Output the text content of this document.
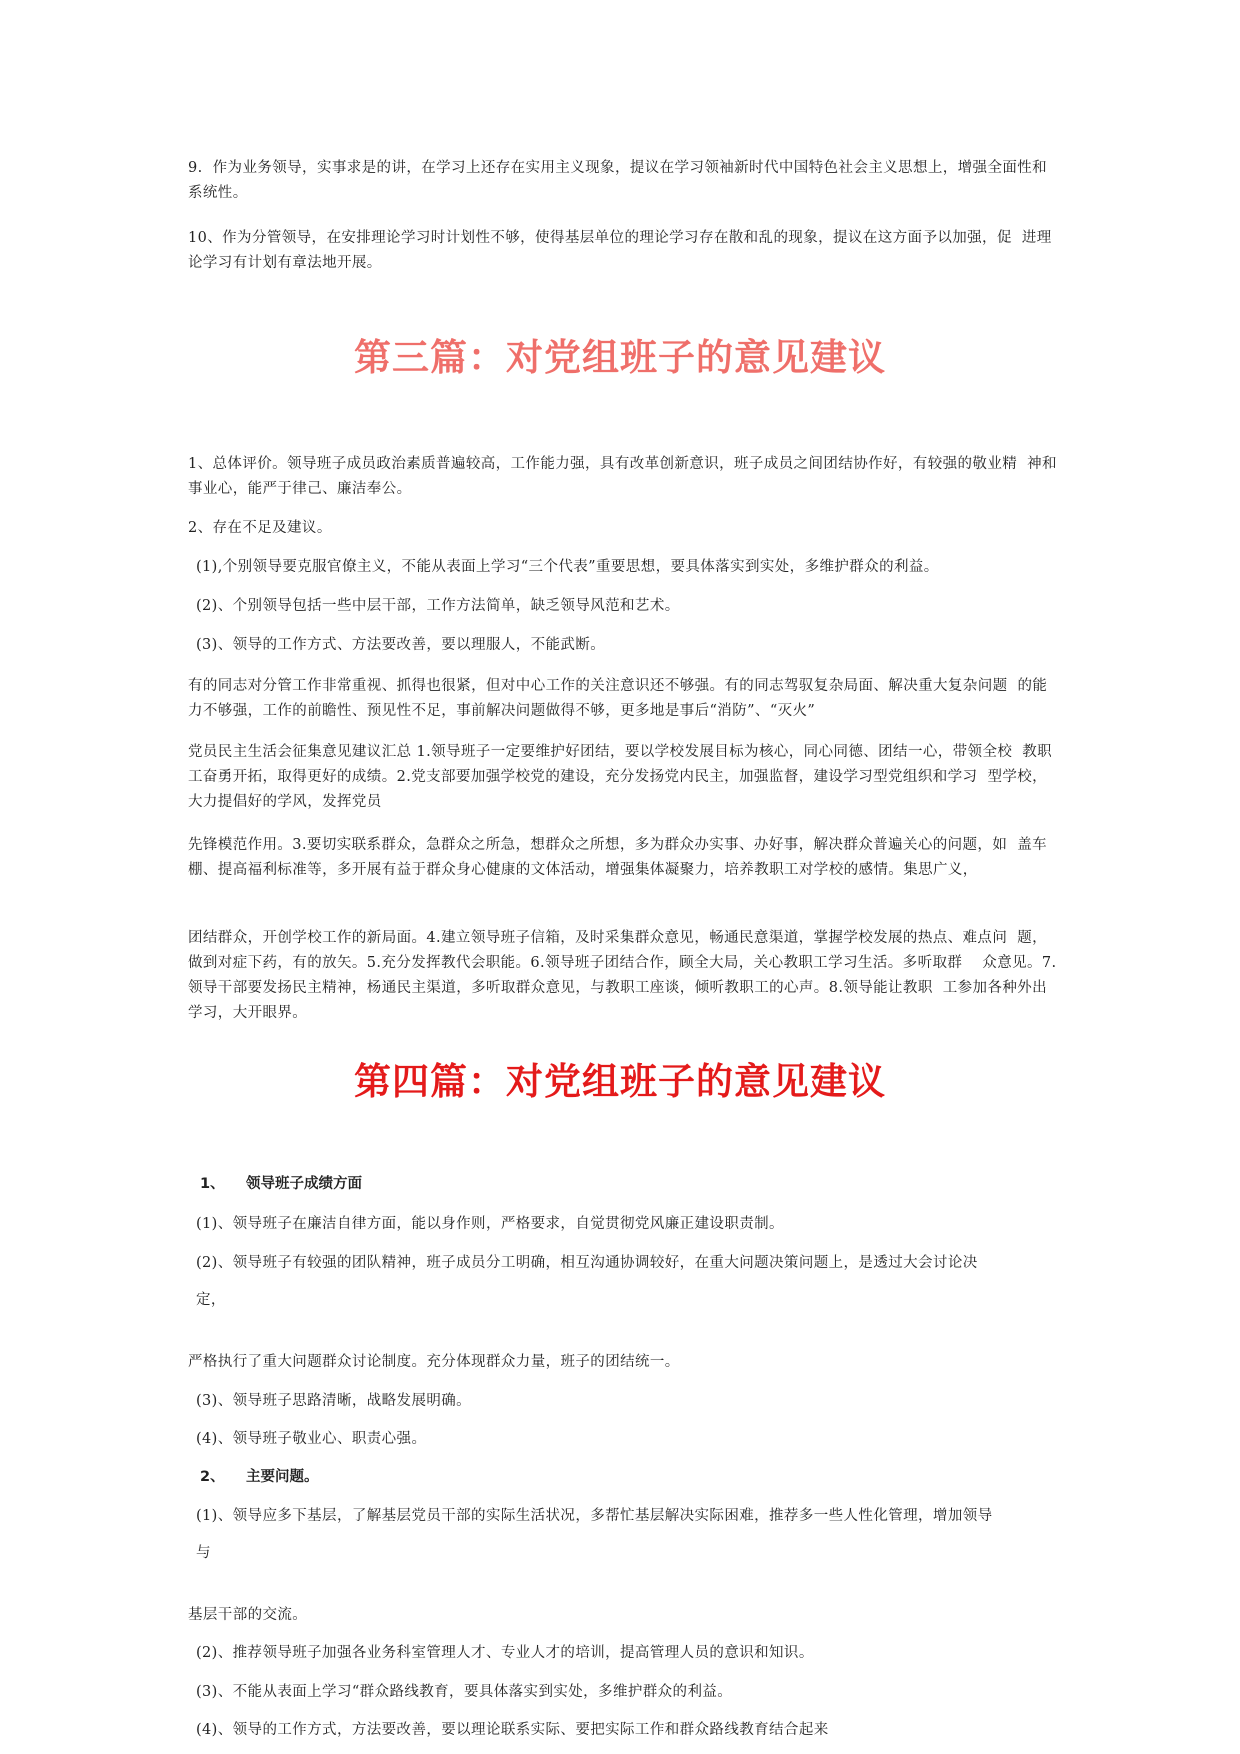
9.  作为业务领导，实事求是的讲，在学习上还存在实用主义现象，提议在学习领袖新时代中国特色社会主义思想上，增强全面性和系统性。

10、作为分管领导，在安排理论学习时计划性不够，使得基层单位的理论学习存在散和乱的现象，提议在这方面予以加强，促  进理论学习有计划有章法地开展。

第三篇：对党组班子的意见建议

1、总体评价。领导班子成员政治素质普遍较高，工作能力强，具有改革创新意识，班子成员之间团结协作好，有较强的敬业精  神和事业心，能严于律己、廉洁奉公。

2、存在不足及建议。

(1),个别领导要克服官僚主义，不能从表面上学习“三个代表”重要思想，要具体落实到实处，多维护群众的利益。

(2)、个别领导包括一些中层干部，工作方法简单，缺乏领导风范和艺术。

(3)、领导的工作方式、方法要改善，要以理服人，不能武断。

有的同志对分管工作非常重视、抓得也很紧，但对中心工作的关注意识还不够强。有的同志驾驭复杂局面、解决重大复杂问题  的能力不够强，工作的前瞻性、预见性不足，事前解决问题做得不够，更多地是事后“消防”、“灭火”

党员民主生活会征集意见建议汇总 1.领导班子一定要维护好团结，要以学校发展目标为核心，同心同德、团结一心，带领全校  教职工奋勇开拓，取得更好的成绩。2.党支部要加强学校党的建设，充分发扬党内民主，加强监督，建设学习型党组织和学习  型学校，大力提倡好的学风，发挥党员

先锋模范作用。3.要切实联系群众，急群众之所急，想群众之所想，多为群众办实事、办好事，解决群众普遍关心的问题，如  盖车棚、提高福利标准等，多开展有益于群众身心健康的文体活动，增强集体凝聚力，培养教职工对学校的感情。集思广义，

团结群众，开创学校工作的新局面。4.建立领导班子信箱，及时采集群众意见，畅通民意渠道，掌握学校发展的热点、难点问  题，做到对症下药，有的放矢。5.充分发挥教代会职能。6.领导班子团结合作，顾全大局，关心教职工学习生活。多听取群    众意见。7.领导干部要发扬民主精神，杨通民主渠道，多听取群众意见，与教职工座谈，倾听教职工的心声。8.领导能让教职  工参加各种外出学习，大开眼界。

第四篇：对党组班子的意见建议

1、 领导班子成绩方面

(1)、领导班子在廉洁自律方面，能以身作则，严格要求，自觉贯彻党风廉正建设职责制。

(2)、领导班子有较强的团队精神，班子成员分工明确，相互沟通协调较好，在重大问题决策问题上，是透过大会讨论决

定，

严格执行了重大问题群众讨论制度。充分体现群众力量，班子的团结统一。

(3)、领导班子思路清晰，战略发展明确。

(4)、领导班子敬业心、职责心强。

2、 主要问题。

(1)、领导应多下基层，了解基层党员干部的实际生活状况，多帮忙基层解决实际困难，推荐多一些人性化管理，增加领导

与

基层干部的交流。

(2)、推荐领导班子加强各业务科室管理人才、专业人才的培训，提高管理人员的意识和知识。

(3)、不能从表面上学习“群众路线教育，要具体落实到实处，多维护群众的利益。

(4)、领导的工作方式，方法要改善，要以理论联系实际、要把实际工作和群众路线教育结合起来
